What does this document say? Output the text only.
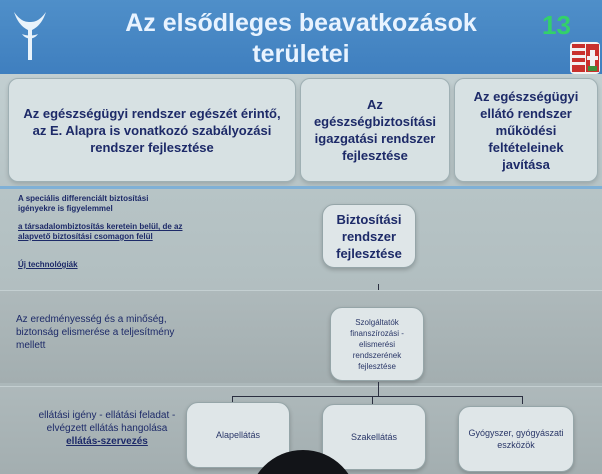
Az elsődleges beavatkozások
területei
13
Az egészségügyi rendszer egészét érintő, az E. Alapra is vonatkozó szabályozási rendszer fejlesztése
Az egészségbiztosítási igazgatási rendszer fejlesztése
Az egészségügyi ellátó rendszer működési feltételeinek javítása
A speciális differenciált biztosítási igényekre is figyelemmel
a társadalombiztosítás keretein belül, de az alapvető biztosítási csomagon felül
Új technológiák
Biztosítási rendszer fejlesztése
Az eredményesség és a minőség, biztonság elismerése a teljesítmény mellett
Szolgáltatók finanszírozási - elismerési rendszerének fejlesztése
ellátási igény - ellátási feladat - elvégzett ellátás hangolása
ellátás-szervezés
Alapellátás	Szakellátás	Gyógyszer, gyógyászati eszközök
